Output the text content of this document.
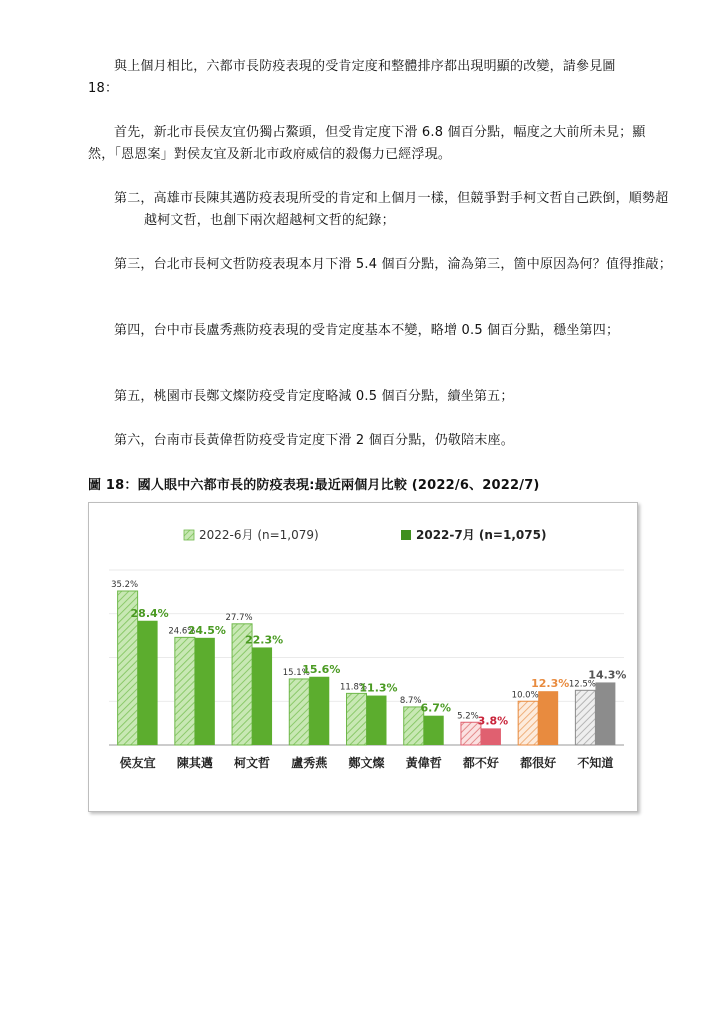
與上個月相比，六都市長防疫表現的受肯定度和整體排序都出現明顯的改變，請參見圖 18：

首先，新北市長侯友宜仍獨占鰲頭，但受肯定度下滑 6.8 個百分點，幅度之大前所未見；顯然，「恩恩案」對侯友宜及新北市政府威信的殺傷力已經浮現。

第二，高雄市長陳其邁防疫表現所受的肯定和上個月一樣，但競爭對手柯文哲自己跌倒，順勢超越柯文哲，也創下兩次超越柯文哲的紀錄；

第三，台北市長柯文哲防疫表現本月下滑 5.4 個百分點，淪為第三，箇中原因為何？值得推敲；

第四，台中市長盧秀燕防疫表現的受肯定度基本不變，略增 0.5 個百分點，穩坐第四；

第五，桃園市長鄭文燦防疫受肯定度略減 0.5 個百分點，續坐第五；

第六，台南市長黃偉哲防疫受肯定度下滑 2 個百分點，仍敬陪末座。

圖 18：國人眼中六都市長的防疫表現:最近兩個月比較 (2022/6、2022/7)

2022-6月 (n=1,079)	2022-7月 (n=1,075)
35.2%
28.4%
24.6%
24.5%
27.7%
22.3%
15.1%
15.6%
11.8%
11.3%
8.7%
6.7%
5.2%
3.8%
10.0%
12.3% 12.5%
14.3%
侯友宜 陳其邁 柯文哲 盧秀燕 鄭文燦 黃偉哲 都不好 都很好 不知道
